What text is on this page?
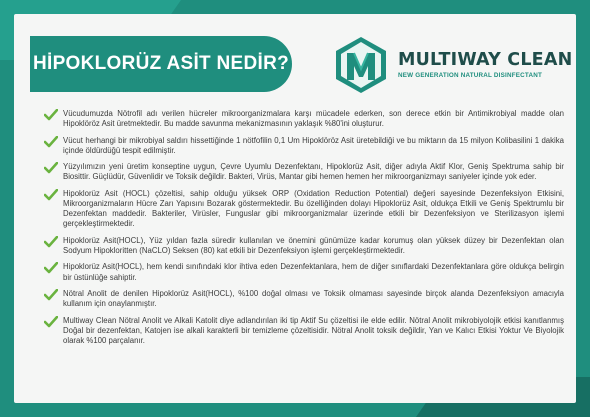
HİPOKLORÜZ ASİT NEDİR?	MULTIWAY CLEAN
NEW GENERATION NATURAL DISINFECTANT
Vücudumuzda Nötrofil adı verilen hücreler mikroorganizmalara karşı mücadele ederken, son derece etkin bir Antimikrobiyal madde olan Hipoklöröz Asit üretmektedir. Bu madde savunma mekanizmasının yaklaşık %80'ini oluşturur.
Vücut herhangi bir mikrobiyal saldırı hissettiğinde 1 nötfofilin 0,1 Um Hipoklöröz Asit üretebildiği ve bu miktarın da 15 milyon Kolibasilini 1 dakika içinde öldürdüğü tespit edilmiştir.
Yüzyılımızın yeni üretim konseptine uygun, Çevre Uyumlu Dezenfektanı, Hipoklorüz Asit, diğer adıyla Aktif Klor, Geniş Spektruma sahip bir Biosittir. Güçlüdür, Güvenlidir ve Toksik değildir. Bakteri, Virüs, Mantar gibi hemen hemen her mikroorganizmayı saniyeler içinde yok eder.
Hipoklorüz Asit (HOCL) çözeltisi, sahip olduğu yüksek ORP (Oxidation Reduction Potential) değeri sayesinde Dezenfeksiyon Etkisini, Mikroorganizmaların Hücre Zarı Yapısını Bozarak göstermektedir. Bu özelliğinden dolayı Hipoklorüz Asit, oldukça Etkili ve Geniş Spektrumlu bir Dezenfektan maddedir. Bakteriler, Virüsler, Funguslar gibi mikroorganizmalar üzerinde etkili bir Dezenfeksiyon ve Sterilizasyon işlemi gerçekleştirmektedir.
Hipoklorüz Asit(HOCL), Yüz yıldan fazla süredir kullanılan ve önemini günümüze kadar korumuş olan yüksek düzey bir Dezenfektan olan Sodyum Hipokloritten (NaCLO) Seksen (80) kat etkili bir Dezenfeksiyon işlemi gerçekleştirmektedir.
Hipoklorüz Asit(HOCL), hem kendi sınıfındaki klor ihtiva eden Dezenfektanlara, hem de diğer sınıflardaki Dezenfektanlara göre oldukça belirgin bir üstünlüğe sahiptir.
Nötral Anolit de denilen Hipoklorüz Asit(HOCL), %100 doğal olması ve Toksik olmaması sayesinde birçok alanda Dezenfeksiyon amacıyla kullanım için onaylanmıştır.
Multiway Clean Nötral Anolit ve Alkali Katolit diye adlandırılan iki tip Aktif Su çözeltisi ile elde edilir. Nötral Anolit mikrobiyolojik etkisi kanıtlanmış Doğal bir dezenfektan, Katojen ise alkali karakterli bir temizleme çözeltisidir. Nötral Anolit toksik değildir, Yan ve Kalıcı Etkisi Yoktur Ve Biyolojik olarak %100 parçalanır.
